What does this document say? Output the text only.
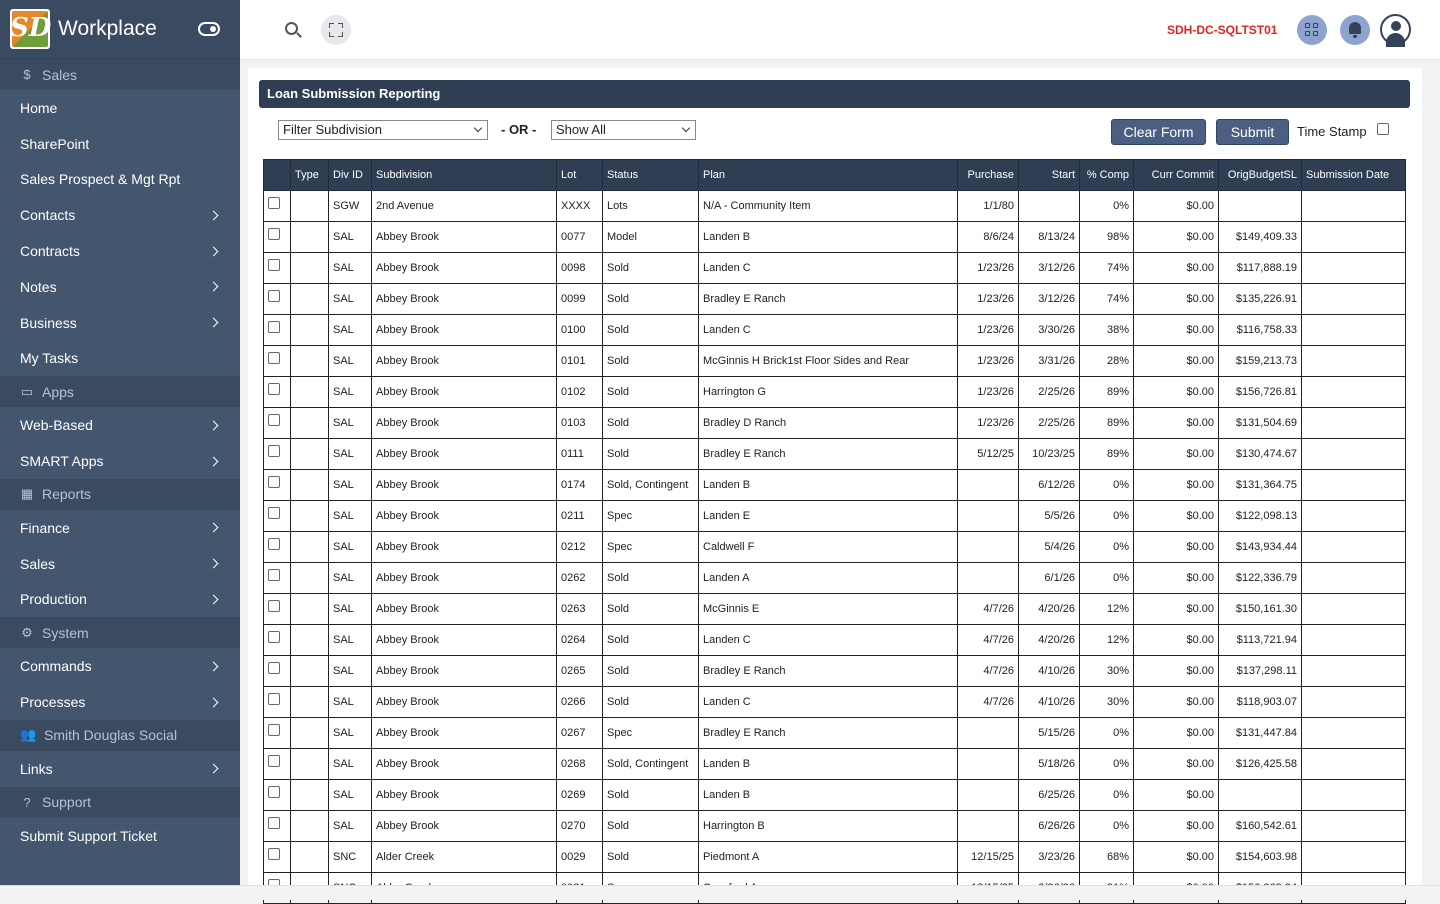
SD Workplace
$ Sales
Home
SharePoint
Sales Prospect & Mgt Rpt
Contacts
Contracts
Notes
Business
My Tasks
▭ Apps
Web-Based
SMART Apps
▦ Reports
Finance
Sales
Production
⚙ System
Commands
Processes
👥 Smith Douglas Social
Links
? Support
Submit Support Ticket
SDH-DC-SQLTST01
Loan Submission Reporting
Filter Subdivision	- OR -	Show All	Clear Form	Submit	Time Stamp
	Type	Div ID	Subdivision	Lot	Status	Plan	Purchase	Start	% Comp	Curr Commit	OrigBudgetSL	Submission Date
		SGW	2nd Avenue	XXXX	Lots	N/A - Community Item	1/1/80		0%	$0.00		
		SAL	Abbey Brook	0077	Model	Landen B	8/6/24	8/13/24	98%	$0.00	$149,409.33	
		SAL	Abbey Brook	0098	Sold	Landen C	1/23/26	3/12/26	74%	$0.00	$117,888.19	
		SAL	Abbey Brook	0099	Sold	Bradley E Ranch	1/23/26	3/12/26	74%	$0.00	$135,226.91	
		SAL	Abbey Brook	0100	Sold	Landen C	1/23/26	3/30/26	38%	$0.00	$116,758.33	
		SAL	Abbey Brook	0101	Sold	McGinnis H Brick1st Floor Sides and Rear	1/23/26	3/31/26	28%	$0.00	$159,213.73	
		SAL	Abbey Brook	0102	Sold	Harrington G	1/23/26	2/25/26	89%	$0.00	$156,726.81	
		SAL	Abbey Brook	0103	Sold	Bradley D Ranch	1/23/26	2/25/26	89%	$0.00	$131,504.69	
		SAL	Abbey Brook	0111	Sold	Bradley E Ranch	5/12/25	10/23/25	89%	$0.00	$130,474.67	
		SAL	Abbey Brook	0174	Sold, Contingent	Landen B		6/12/26	0%	$0.00	$131,364.75	
		SAL	Abbey Brook	0211	Spec	Landen E		5/5/26	0%	$0.00	$122,098.13	
		SAL	Abbey Brook	0212	Spec	Caldwell F		5/4/26	0%	$0.00	$143,934.44	
		SAL	Abbey Brook	0262	Sold	Landen A		6/1/26	0%	$0.00	$122,336.79	
		SAL	Abbey Brook	0263	Sold	McGinnis E	4/7/26	4/20/26	12%	$0.00	$150,161.30	
		SAL	Abbey Brook	0264	Sold	Landen C	4/7/26	4/20/26	12%	$0.00	$113,721.94	
		SAL	Abbey Brook	0265	Sold	Bradley E Ranch	4/7/26	4/10/26	30%	$0.00	$137,298.11	
		SAL	Abbey Brook	0266	Sold	Landen C	4/7/26	4/10/26	30%	$0.00	$118,903.07	
		SAL	Abbey Brook	0267	Spec	Bradley E Ranch		5/15/26	0%	$0.00	$131,447.84	
		SAL	Abbey Brook	0268	Sold, Contingent	Landen B		5/18/26	0%	$0.00	$126,425.58	
		SAL	Abbey Brook	0269	Sold	Landen B		6/25/26	0%	$0.00		
		SAL	Abbey Brook	0270	Sold	Harrington B		6/26/26	0%	$0.00	$160,542.61	
		SNC	Alder Creek	0029	Sold	Piedmont A	12/15/25	3/23/26	68%	$0.00	$154,603.98	
